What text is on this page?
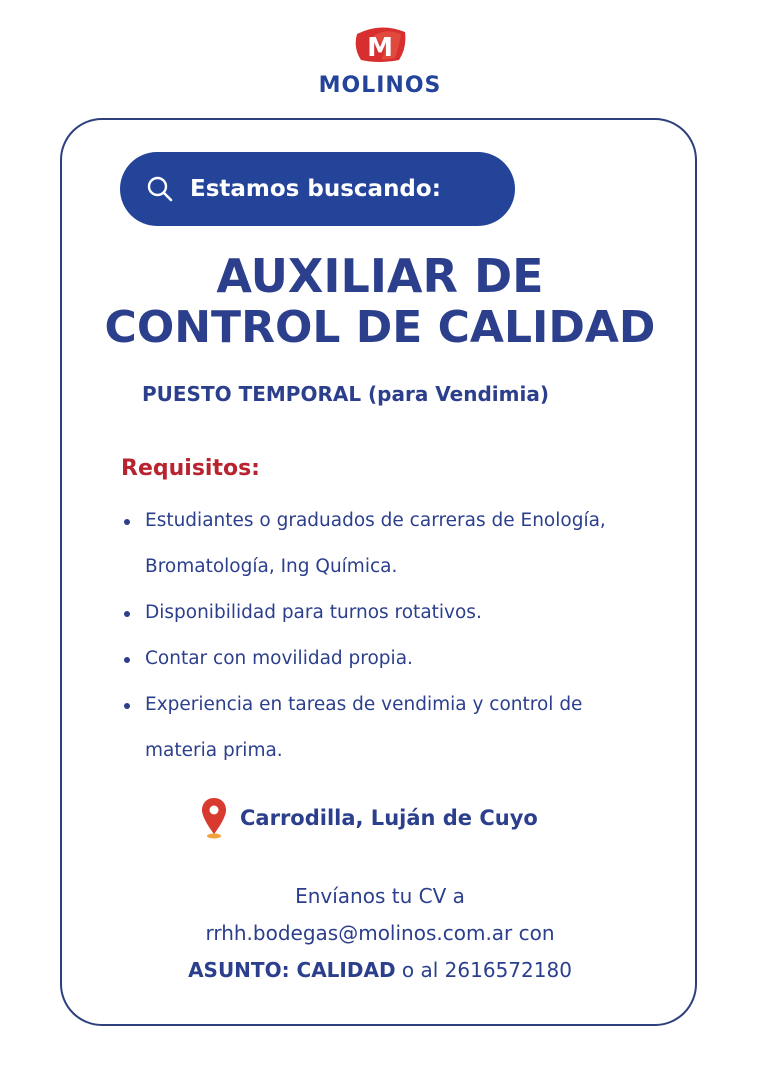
M
MOLINOS
Estamos buscando:
AUXILIAR DE
CONTROL DE CALIDAD
PUESTO TEMPORAL (para Vendimia)
Requisitos:
Estudiantes o graduados de carreras de Enología,
Bromatología, Ing Química.
Disponibilidad para turnos rotativos.
Contar con movilidad propia.
Experiencia en tareas de vendimia y control de
materia prima.
Carrodilla, Luján de Cuyo
Envíanos tu CV a
rrhh.bodegas@molinos.com.ar con
ASUNTO: CALIDAD o al 2616572180
